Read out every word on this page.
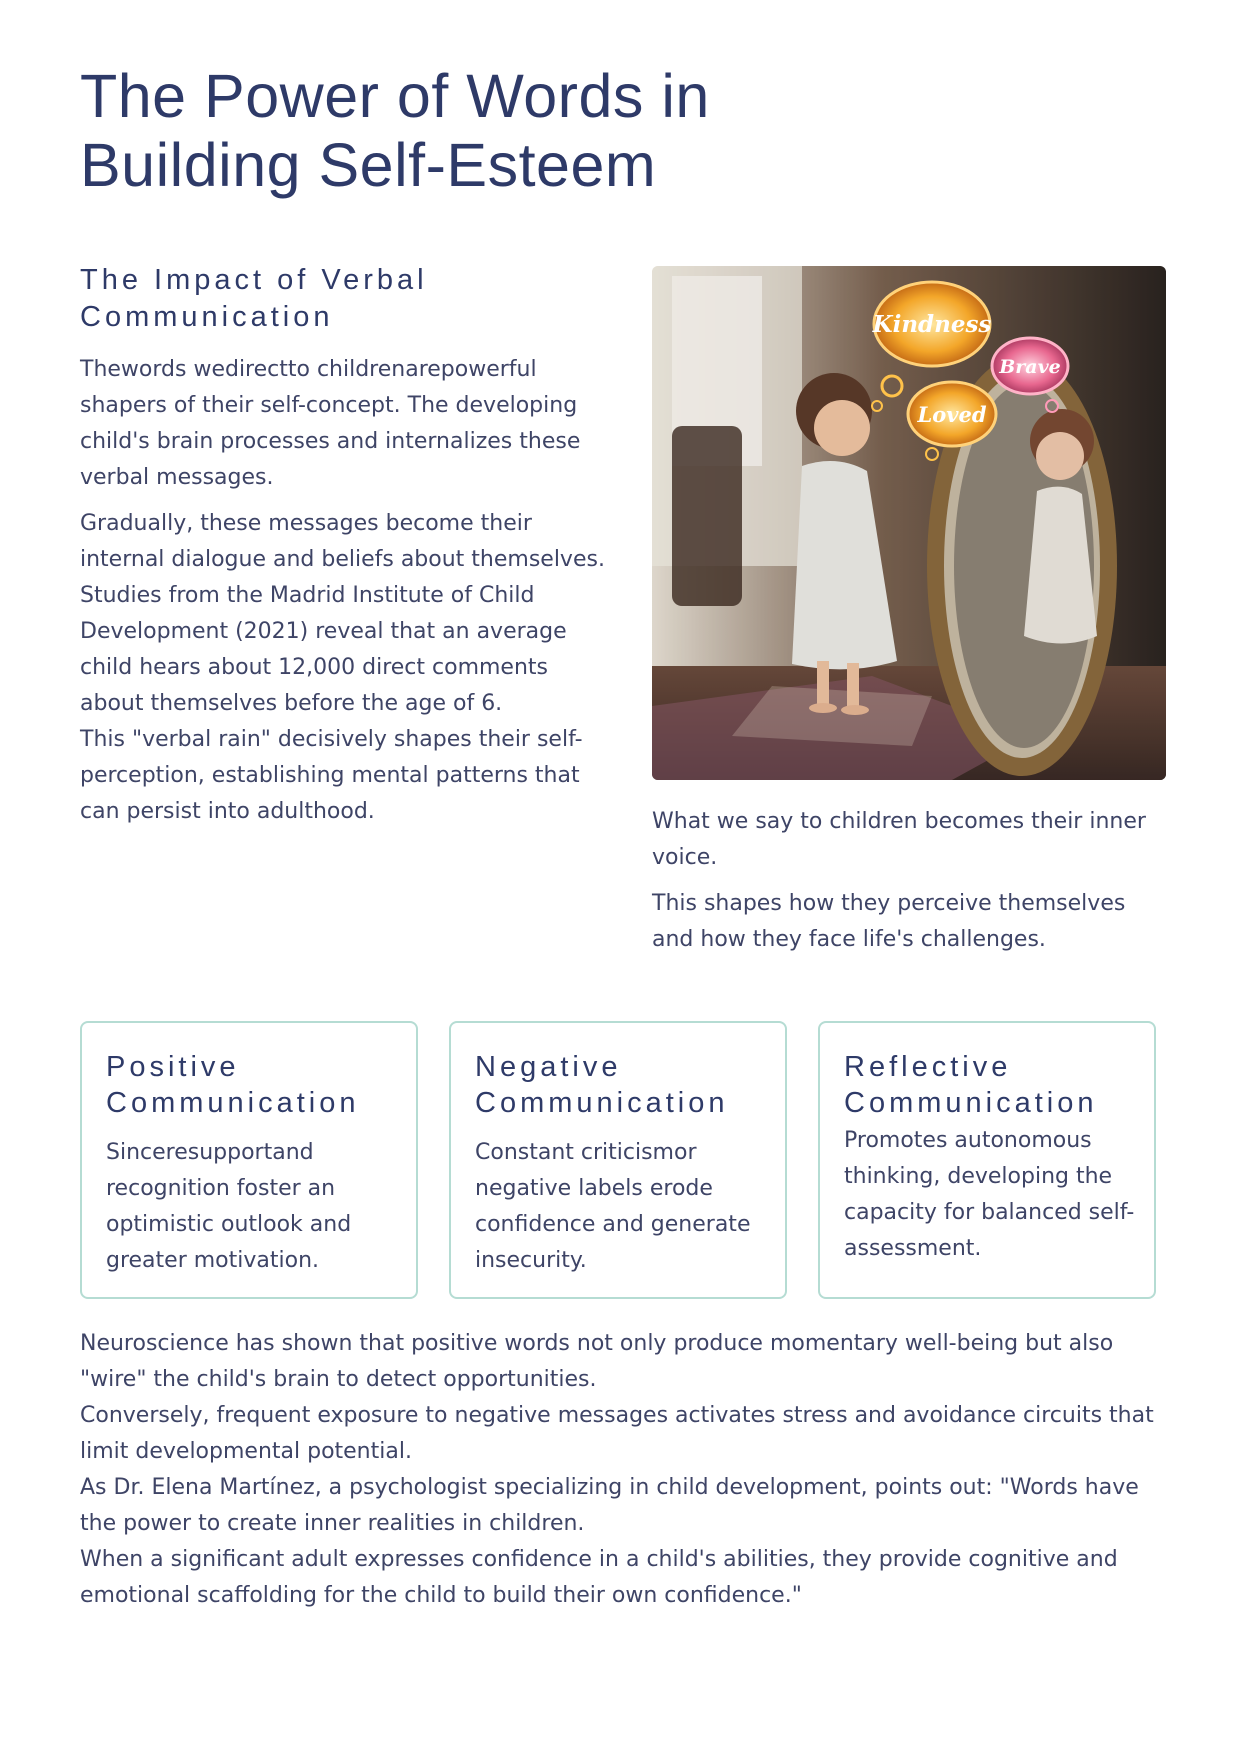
The Power of Words in
Building Self-Esteem
The Impact of Verbal
Communication

Thewords wedirectto childrenarepowerful shapers of their self-concept. The developing child's brain processes and internalizes these verbal messages.

Gradually, these messages become their internal dialogue and beliefs about themselves. Studies from the Madrid Institute of Child Development (2021) reveal that an average child hears about 12,000 direct comments about themselves before the age of 6.

This "verbal rain" decisively shapes their self-perception, establishing mental patterns that can persist into adulthood.

Kindness
Brave
Loved

What we say to children becomes their inner voice.

This shapes how they perceive themselves and how they face life's challenges.

Positive
Communication

Sinceresupportand recognition foster an optimistic outlook and greater motivation.

Negative
Communication

Constant criticismor negative labels erode confidence and generate insecurity.

Reflective
Communication

Promotes autonomous thinking, developing the capacity for balanced self-assessment.

Neuroscience has shown that positive words not only produce momentary well-being but also "wire" the child's brain to detect opportunities.

Conversely, frequent exposure to negative messages activates stress and avoidance circuits that limit developmental potential.

As Dr. Elena Martínez, a psychologist specializing in child development, points out: "Words have the power to create inner realities in children.

When a significant adult expresses confidence in a child's abilities, they provide cognitive and emotional scaffolding for the child to build their own confidence."
